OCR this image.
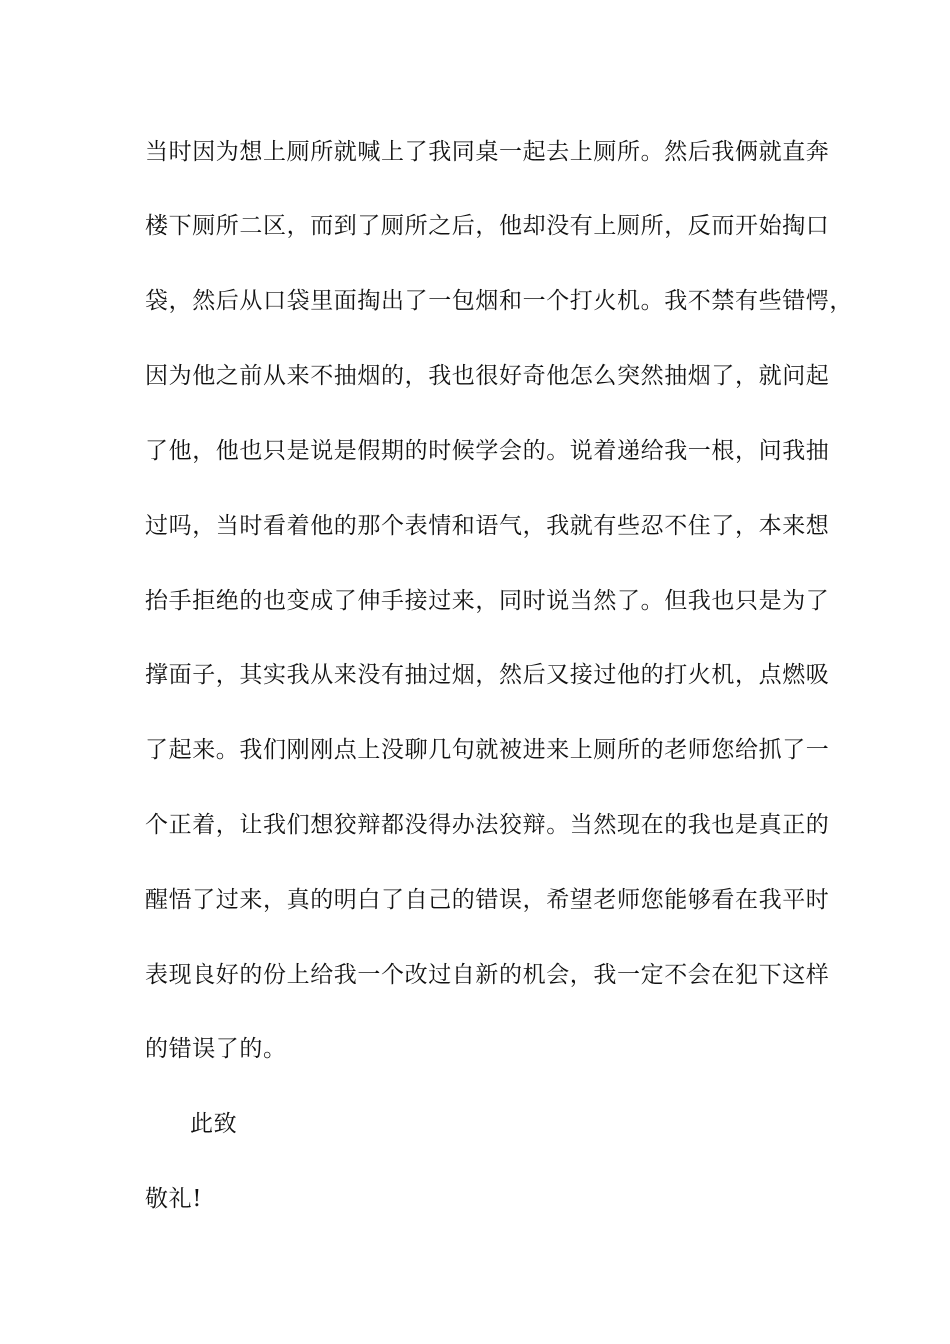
当时因为想上厕所就喊上了我同桌一起去上厕所。然后我俩就直奔
楼下厕所二区，而到了厕所之后，他却没有上厕所，反而开始掏口
袋，然后从口袋里面掏出了一包烟和一个打火机。我不禁有些错愕，
因为他之前从来不抽烟的，我也很好奇他怎么突然抽烟了，就问起
了他，他也只是说是假期的时候学会的。说着递给我一根，问我抽
过吗，当时看着他的那个表情和语气，我就有些忍不住了，本来想
抬手拒绝的也变成了伸手接过来，同时说当然了。但我也只是为了
撑面子，其实我从来没有抽过烟，然后又接过他的打火机，点燃吸
了起来。我们刚刚点上没聊几句就被进来上厕所的老师您给抓了一
个正着，让我们想狡辩都没得办法狡辩。当然现在的我也是真正的
醒悟了过来，真的明白了自己的错误，希望老师您能够看在我平时
表现良好的份上给我一个改过自新的机会，我一定不会在犯下这样
的错误了的。
此致
敬礼!
